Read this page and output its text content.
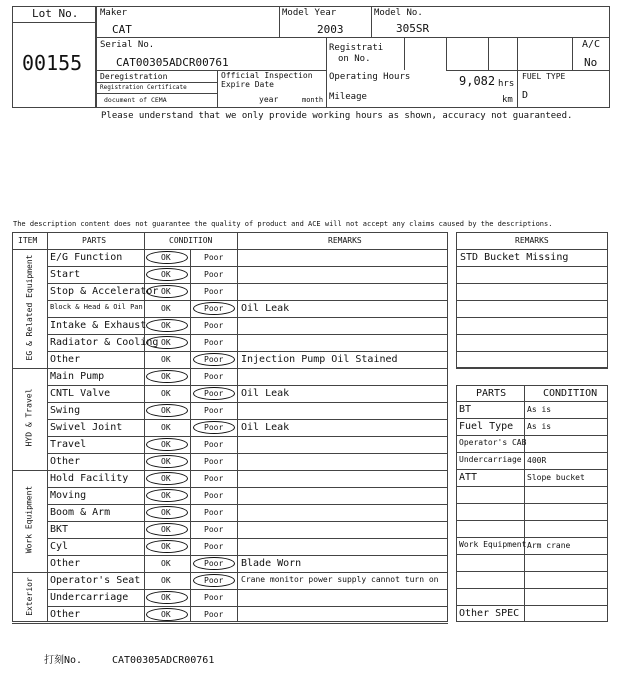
Lot No.
00155
Maker
CAT
Model Year
2003
Model No.
305SR
Serial No.
CAT00305ADCR00761
Registrati
on No.
A/C
No
Deregistration
Registration Certificate
document of CEMA
Official Inspection
Expire Date
year	month
Operating Hours	9,082 hrs
Mileage	km
FUEL TYPE
D
Please understand that we only provide working hours as shown, accuracy not guaranteed.
The description content does not guarantee the quality of product and ACE will not accept any claims caused by the descriptions.
ITEM	PARTS	CONDITION	REMARKS
EG & Related Equipment E/G Function	OK	Poor
Start	OK	Poor
Stop & Accelerator OK	Poor
Block & Head & Oil Pan OK	Poor Oil Leak
Intake & Exhaust OK	Poor
Radiator & Cooling OK	Poor
Other	OK	Poor Injection Pump Oil Stained
HYD & Travel
Main Pump	OK	Poor
CNTL Valve	OK	Poor Oil Leak
Swing	OK	Poor
Swivel Joint	OK	Poor Oil Leak
Travel	OK	Poor
Other	OK	Poor
Work Equipment
Hold Facility	OK	Poor
Moving	OK	Poor
Boom & Arm	OK	Poor
BKT	OK	Poor
Cyl	OK	Poor
Other	OK	Poor Blade Worn
Exterior Operator's Seat	OK	Poor Crane monitor power supply cannot turn on
Undercarriage	OK	Poor
Other	OK	Poor
REMARKS
STD Bucket Missing
PARTS	CONDITION
BT	As is
Fuel Type As is
Operator's CAB
Undercarriage 400R
ATT	Slope bucket
Work Equipment Arm crane
Other SPEC
打刻No.	CAT00305ADCR00761
